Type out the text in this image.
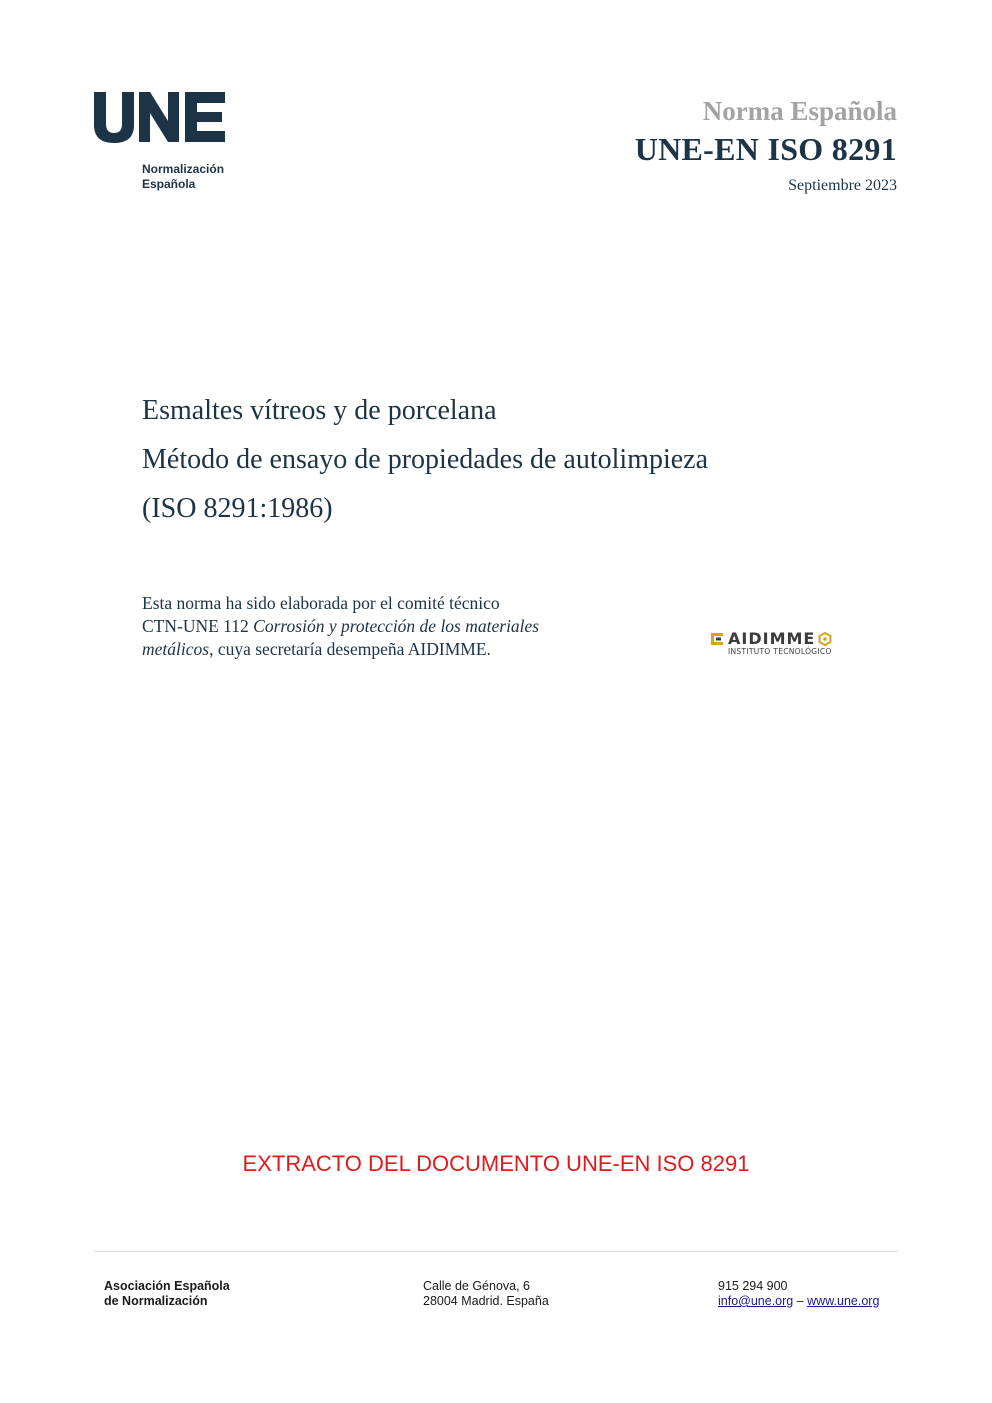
Normalización
Española
Norma Española
UNE-EN ISO 8291
Septiembre 2023
Esmaltes vítreos y de porcelana
Método de ensayo de propiedades de autolimpieza
(ISO 8291:1986)
Esta norma ha sido elaborada por el comité técnico
CTN-UNE 112 Corrosión y protección de los materiales
metálicos, cuya secretaría desempeña AIDIMME.
AIDIMME
INSTITUTO TECNOLÓGICO
EXTRACTO DEL DOCUMENTO UNE-EN ISO 8291
Asociación Española
de Normalización
Calle de Génova, 6
28004 Madrid. España
915 294 900
info@une.org – www.une.org
